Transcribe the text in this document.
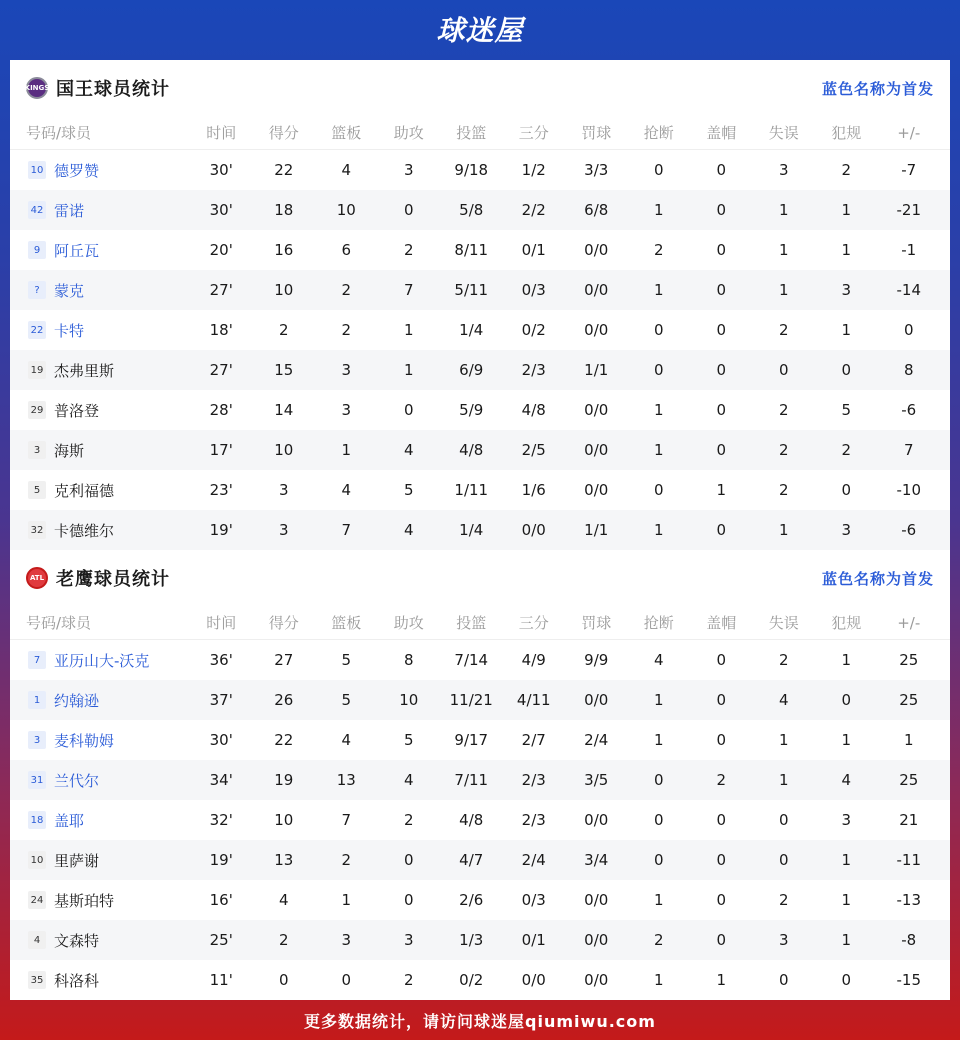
球迷屋
KINGS 国王球员统计	蓝色名称为首发
号码/球员	时间	得分	篮板	助攻	投篮	三分	罚球	抢断	盖帽	失误	犯规	+/-
10 德罗赞	30'	22	4	3	9/18	1/2	3/3	0	0	3	2	-7
42 雷诺	30'	18	10	0	5/8	2/2	6/8	1	0	1	1	-21
9 阿丘瓦	20'	16	6	2	8/11	0/1	0/0	2	0	1	1	-1
? 蒙克	27'	10	2	7	5/11	0/3	0/0	1	0	1	3	-14
22 卡特	18'	2	2	1	1/4	0/2	0/0	0	0	2	1	0
19 杰弗里斯	27'	15	3	1	6/9	2/3	1/1	0	0	0	0	8
29 普洛登	28'	14	3	0	5/9	4/8	0/0	1	0	2	5	-6
3 海斯	17'	10	1	4	4/8	2/5	0/0	1	0	2	2	7
5 克利福德	23'	3	4	5	1/11	1/6	0/0	0	1	2	0	-10
32 卡德维尔	19'	3	7	4	1/4	0/0	1/1	1	0	1	3	-6
ATL 老鹰球员统计	蓝色名称为首发
号码/球员	时间	得分	篮板	助攻	投篮	三分	罚球	抢断	盖帽	失误	犯规	+/-
7 亚历山大-沃克	36'	27	5	8	7/14	4/9	9/9	4	0	2	1	25
1 约翰逊	37'	26	5	10	11/21	4/11	0/0	1	0	4	0	25
3 麦科勒姆	30'	22	4	5	9/17	2/7	2/4	1	0	1	1	1
31 兰代尔	34'	19	13	4	7/11	2/3	3/5	0	2	1	4	25
18 盖耶	32'	10	7	2	4/8	2/3	0/0	0	0	0	3	21
10 里萨谢	19'	13	2	0	4/7	2/4	3/4	0	0	0	1	-11
24 基斯珀特	16'	4	1	0	2/6	0/3	0/0	1	0	2	1	-13
4 文森特	25'	2	3	3	1/3	0/1	0/0	2	0	3	1	-8
35 科洛科	11'	0	0	2	0/2	0/0	0/0	1	1	0	0	-15
更多数据统计，请访问球迷屋qiumiwu.com
